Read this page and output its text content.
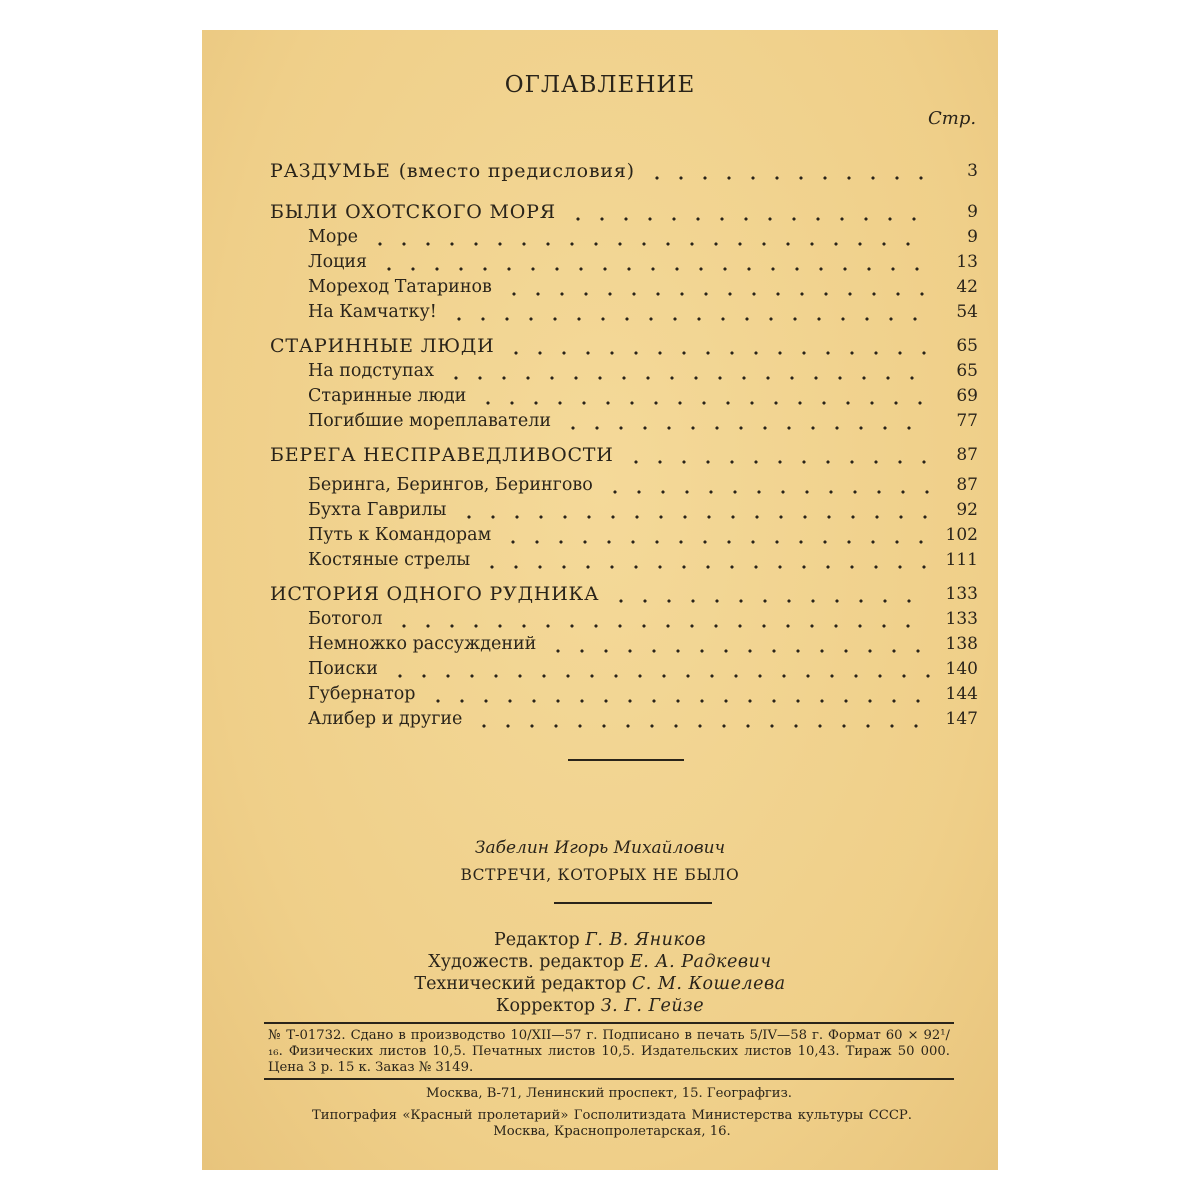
ОГЛАВЛЕНИЕ
Стр.
РАЗДУМЬЕ (вместо предисловия)	3
БЫЛИ ОХОТСКОГО МОРЯ	9
Море	9
Лоция	13
Мореход Татаринов	42
На Камчатку!	54
СТАРИННЫЕ ЛЮДИ	65
На подступах	65
Старинные люди	69
Погибшие мореплаватели	77
БЕРЕГА НЕСПРАВЕДЛИВОСТИ	87
Беринга, Берингов, Берингово	87
Бухта Гаврилы	92
Путь к Командорам	102
Костяные стрелы	111
ИСТОРИЯ ОДНОГО РУДНИКА	133
Ботогол	133
Немножко рассуждений	138
Поиски	140
Губернатор	144
Алибер и другие	147
Забелин Игорь Михайлович
ВСТРЕЧИ, КОТОРЫХ НЕ БЫЛО
Редактор Г. В. Яников
Художеств. редактор Е. А. Радкевич
Технический редактор С. М. Кошелева
Корректор З. Г. Гейзе
№ Т-01732. Сдано в производство 10/XII—57 г. Подписано в печать 5/IV—58 г. Формат 60 × 92¹/₁₆. Физических листов 10,5. Печатных листов 10,5. Издательских листов 10,43. Тираж 50 000. Цена 3 р. 15 к. Заказ № 3149.
Москва, В-71, Ленинский проспект, 15. Географгиз.
Типография «Красный пролетарий» Госполитиздата Министерства культуры СССР. Москва, Краснопролетарская, 16.
